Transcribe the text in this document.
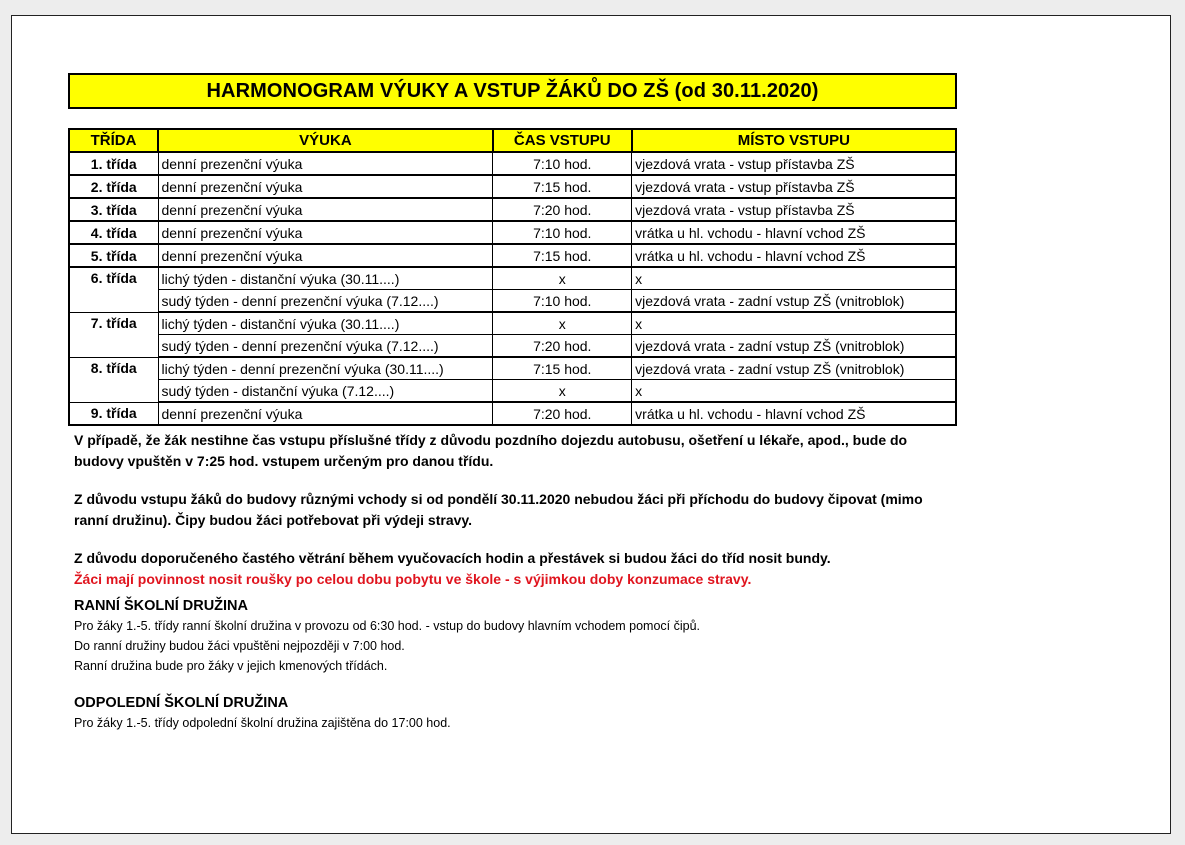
HARMONOGRAM VÝUKY A VSTUP ŽÁKŮ DO ZŠ (od 30.11.2020)
TŘÍDA	VÝUKA	ČAS VSTUPU	MÍSTO VSTUPU
1. třída	denní prezenční výuka	7:10 hod.	vjezdová vrata - vstup přístavba ZŠ
2. třída	denní prezenční výuka	7:15 hod.	vjezdová vrata - vstup přístavba ZŠ
3. třída	denní prezenční výuka	7:20 hod.	vjezdová vrata - vstup přístavba ZŠ
4. třída	denní prezenční výuka	7:10 hod.	vrátka u hl. vchodu - hlavní vchod ZŠ
5. třída	denní prezenční výuka	7:15 hod.	vrátka u hl. vchodu - hlavní vchod ZŠ
6. třída	lichý týden - distanční výuka (30.11....)	x	x
	sudý týden - denní prezenční výuka (7.12....)	7:10 hod.	vjezdová vrata - zadní vstup ZŠ (vnitroblok)
7. třída	lichý týden - distanční výuka (30.11....)	x	x
	sudý týden - denní prezenční výuka (7.12....)	7:20 hod.	vjezdová vrata - zadní vstup ZŠ (vnitroblok)
8. třída	lichý týden - denní prezenční výuka (30.11....)	7:15 hod.	vjezdová vrata - zadní vstup ZŠ (vnitroblok)
	sudý týden - distanční výuka (7.12....)	x	x
9. třída	denní prezenční výuka	7:20 hod.	vrátka u hl. vchodu - hlavní vchod ZŠ

V případě, že žák nestihne čas vstupu příslušné třídy z důvodu pozdního dojezdu autobusu, ošetření u lékaře, apod., bude do

budovy vpuštěn v 7:25 hod. vstupem určeným pro danou třídu.

Z důvodu vstupu žáků do budovy různými vchody si od pondělí 30.11.2020 nebudou žáci při příchodu do budovy čipovat (mimo

ranní družinu). Čipy budou žáci potřebovat při výdeji stravy.

Z důvodu doporučeného častého větrání během vyučovacích hodin a přestávek si budou žáci do tříd nosit bundy.

Žáci mají povinnost nosit roušky po celou dobu pobytu ve škole - s výjimkou doby konzumace stravy.

RANNÍ ŠKOLNÍ DRUŽINA

Pro žáky 1.-5. třídy ranní školní družina v provozu od 6:30 hod. - vstup do budovy hlavním vchodem pomocí čipů.

Do ranní družiny budou žáci vpuštěni nejpozději v 7:00 hod.

Ranní družina bude pro žáky v jejich kmenových třídách.

ODPOLEDNÍ ŠKOLNÍ DRUŽINA

Pro žáky 1.-5. třídy odpolední školní družina zajištěna do 17:00 hod.
